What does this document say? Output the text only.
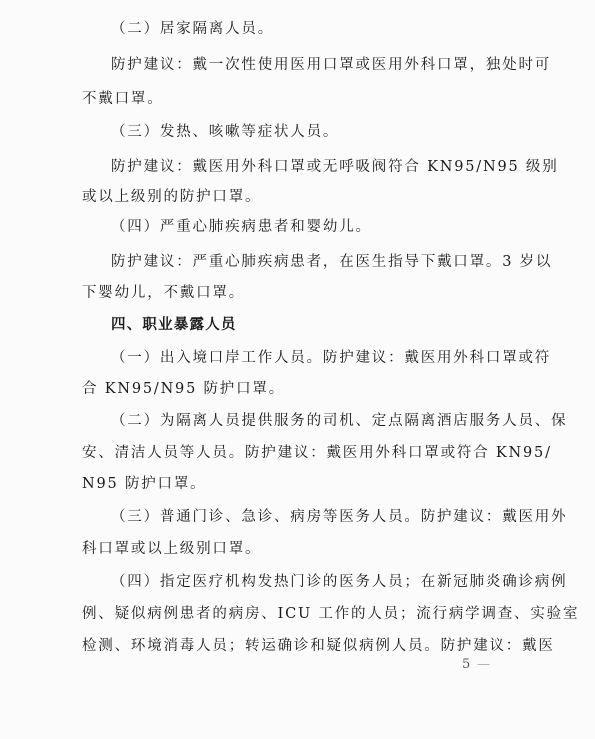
（二）居家隔离人员。
防护建议：戴一次性使用医用口罩或医用外科口罩，独处时可
不戴口罩。
（三）发热、咳嗽等症状人员。
防护建议：戴医用外科口罩或无呼吸阀符合 KN95/N95 级别
或以上级别的防护口罩。
（四）严重心肺疾病患者和婴幼儿。
防护建议：严重心肺疾病患者，在医生指导下戴口罩。3 岁以
下婴幼儿，不戴口罩。
四、职业暴露人员
（一）出入境口岸工作人员。防护建议：戴医用外科口罩或符
合 KN95/N95 防护口罩。
（二）为隔离人员提供服务的司机、定点隔离酒店服务人员、保
安、清洁人员等人员。防护建议：戴医用外科口罩或符合 KN95/
N95 防护口罩。
（三）普通门诊、急诊、病房等医务人员。防护建议：戴医用外
科口罩或以上级别口罩。
（四）指定医疗机构发热门诊的医务人员；在新冠肺炎确诊病例
例、疑似病例患者的病房、ICU 工作的人员；流行病学调查、实验室
检测、环境消毒人员；转运确诊和疑似病例人员。防护建议：戴医
5 —
